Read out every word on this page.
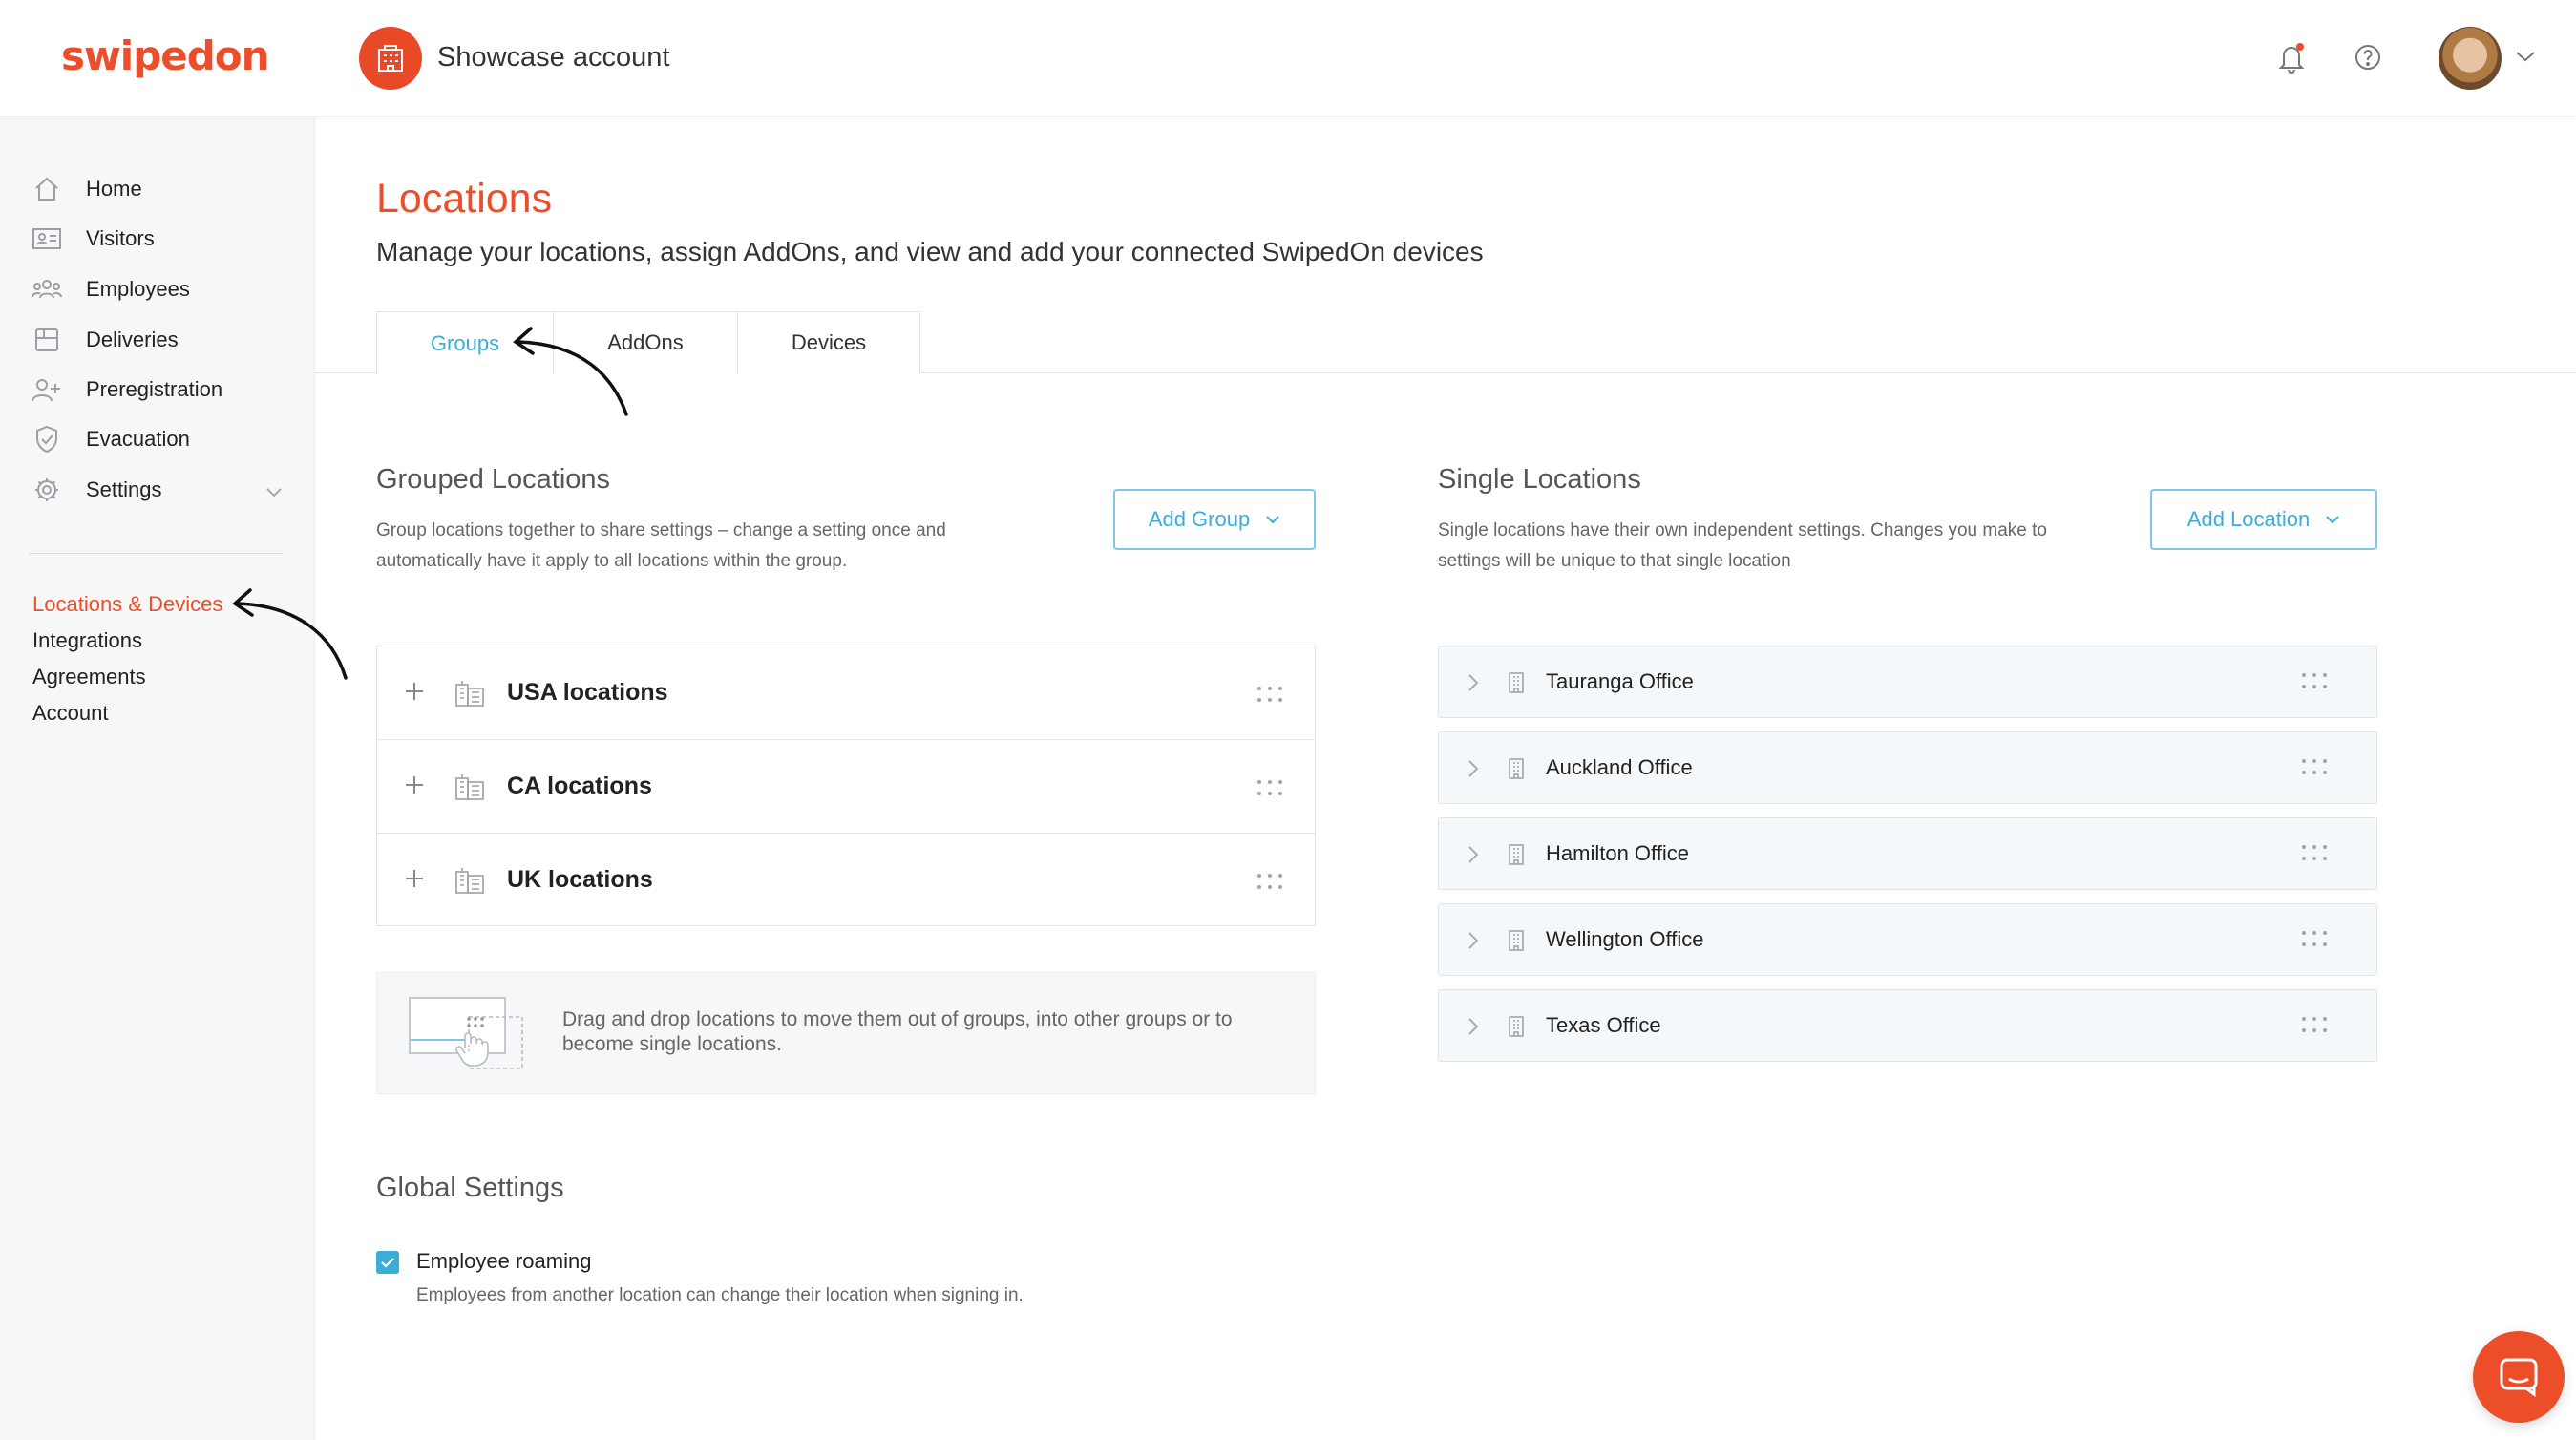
swipedon	Showcase account
Home
Visitors
Employees
Deliveries
Preregistration
Evacuation
Settings
Locations & Devices
Integrations
Agreements
Account
Locations
Manage your locations, assign AddOns, and view and add your connected SwipedOn devices
Groups	AddOns	Devices
Grouped Locations
Group locations together to share settings – change a setting once and
automatically have it apply to all locations within the group.
Add Group
USA locations
CA locations
UK locations
Drag and drop locations to move them out of groups, into other groups or to become single locations.
Single Locations
Single locations have their own independent settings. Changes you make to
settings will be unique to that single location
Add Location
Tauranga Office
Auckland Office
Hamilton Office
Wellington Office
Texas Office
Global Settings
Employee roaming
Employees from another location can change their location when signing in.
